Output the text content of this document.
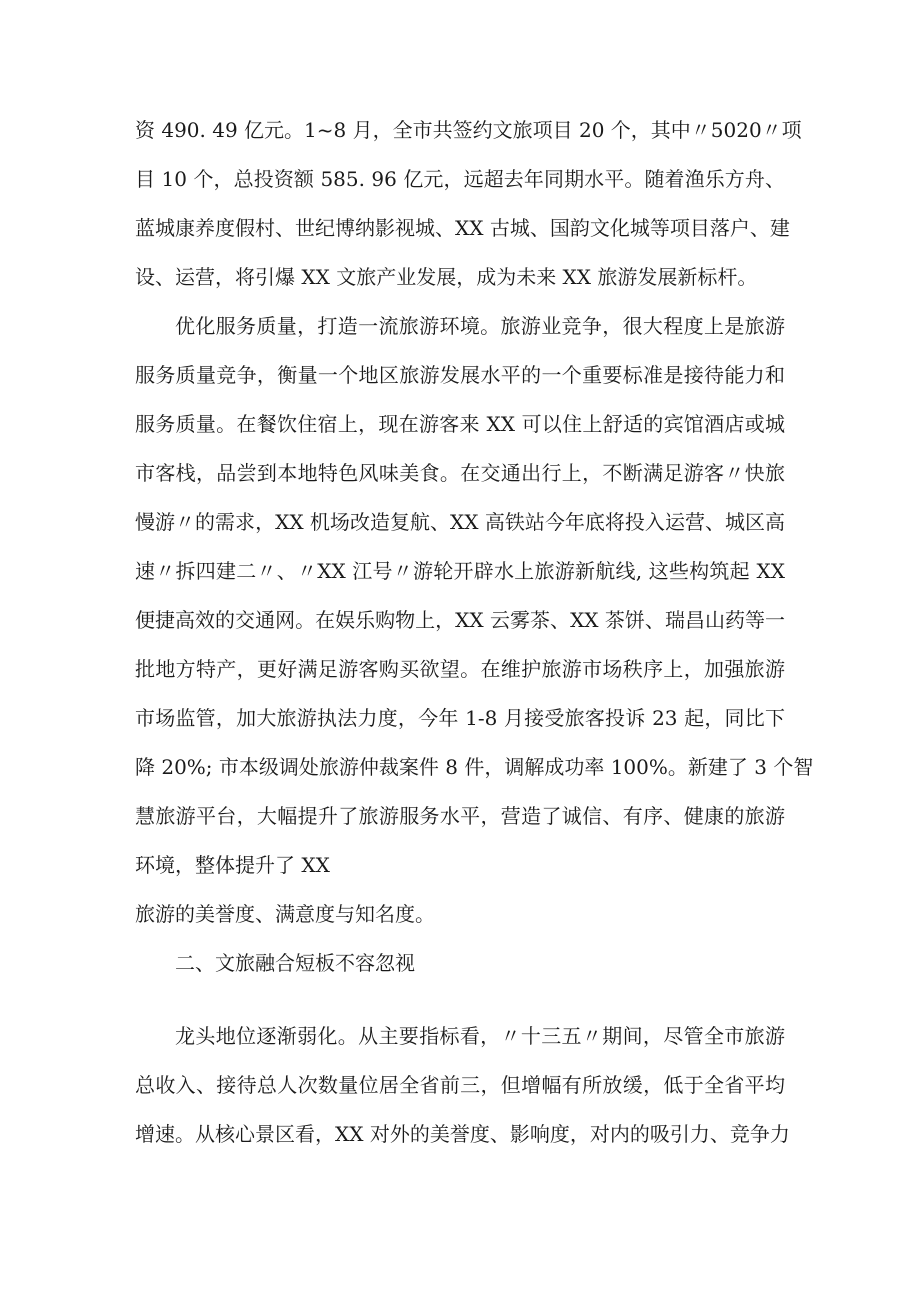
资 490. 49 亿元。1~8 月，全市共签约文旅项目 20 个，其中〃5020〃项
目 10 个，总投资额 585. 96 亿元，远超去年同期水平。随着渔乐方舟、
蓝城康养度假村、世纪博纳影视城、XX 古城、国韵文化城等项目落户、建
设、运营，将引爆 XX 文旅产业发展，成为未来 XX 旅游发展新标杆。
优化服务质量，打造一流旅游环境。旅游业竞争，很大程度上是旅游
服务质量竞争，衡量一个地区旅游发展水平的一个重要标准是接待能力和
服务质量。在餐饮住宿上，现在游客来 XX 可以住上舒适的宾馆酒店或城
市客栈，品尝到本地特色风味美食。在交通出行上，不断满足游客〃快旅
慢游〃的需求，XX 机场改造复航、XX 高铁站今年底将投入运营、城区高
速〃拆四建二〃、〃XX 江号〃游轮开辟水上旅游新航线, 这些构筑起 XX
便捷高效的交通网。在娱乐购物上，XX 云雾茶、XX 茶饼、瑞昌山药等一
批地方特产，更好满足游客购买欲望。在维护旅游市场秩序上，加强旅游
市场监管，加大旅游执法力度，今年 1-8 月接受旅客投诉 23 起，同比下
降 20%; 市本级调处旅游仲裁案件 8 件，调解成功率 100%。新建了 3 个智
慧旅游平台，大幅提升了旅游服务水平，营造了诚信、有序、健康的旅游
环境，整体提升了 XX
旅游的美誉度、满意度与知名度。
二、文旅融合短板不容忽视
龙头地位逐渐弱化。从主要指标看，〃十三五〃期间，尽管全市旅游
总收入、接待总人次数量位居全省前三，但增幅有所放缓，低于全省平均
增速。从核心景区看，XX 对外的美誉度、影响度，对内的吸引力、竞争力
